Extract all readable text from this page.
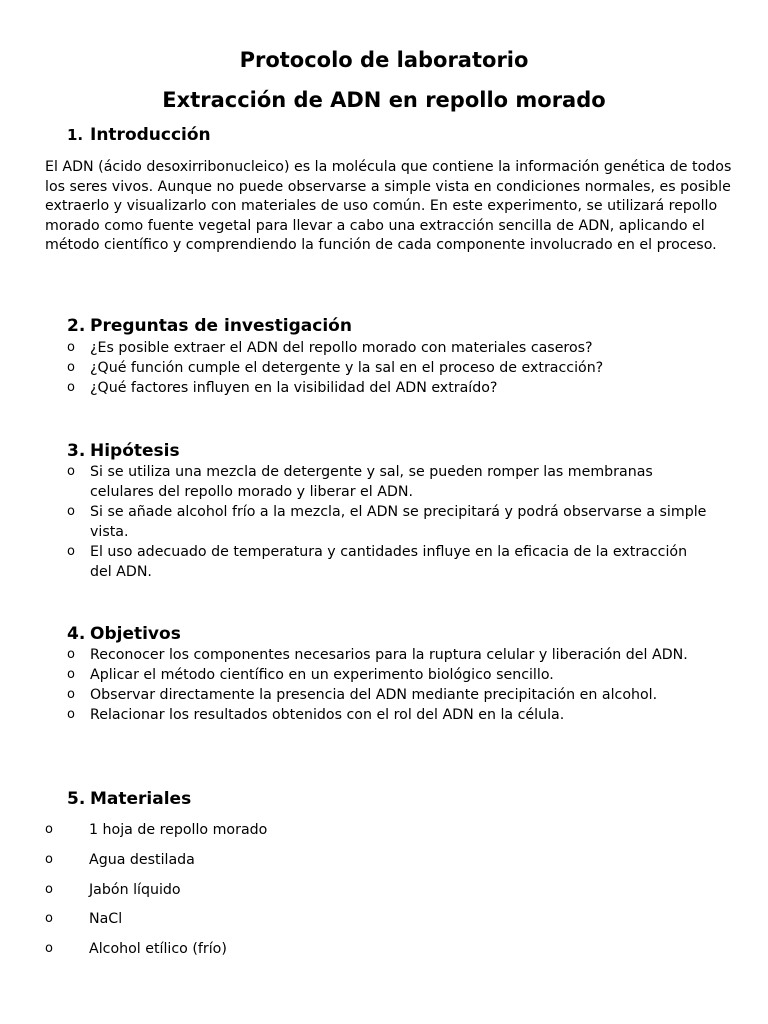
Protocolo de laboratorio
Extracción de ADN en repollo morado
1. Introducción

El ADN (ácido desoxirribonucleico) es la molécula que contiene la información genética de todos los seres vivos. Aunque no puede observarse a simple vista en condiciones normales, es posible extraerlo y visualizarlo con materiales de uso común. En este experimento, se utilizará repollo morado como fuente vegetal para llevar a cabo una extracción sencilla de ADN, aplicando el método científico y comprendiendo la función de cada componente involucrado en el proceso.

2. Preguntas de investigación
o	¿Es posible extraer el ADN del repollo morado con materiales caseros?
o	¿Qué función cumple el detergente y la sal en el proceso de extracción?
o	¿Qué factores influyen en la visibilidad del ADN extraído?
3. Hipótesis
o	Si se utiliza una mezcla de detergente y sal, se pueden romper las membranas celulares del repollo morado y liberar el ADN.
o	Si se añade alcohol frío a la mezcla, el ADN se precipitará y podrá observarse a simple vista.
o	El uso adecuado de temperatura y cantidades influye en la eficacia de la extracción del ADN.
4. Objetivos
o	Reconocer los componentes necesarios para la ruptura celular y liberación del ADN.
o	Aplicar el método científico en un experimento biológico sencillo.
o	Observar directamente la presencia del ADN mediante precipitación en alcohol.
o	Relacionar los resultados obtenidos con el rol del ADN en la célula.
5. Materiales
o	1 hoja de repollo morado
o	Agua destilada
o	Jabón líquido
o	NaCl
o	Alcohol etílico (frío)
